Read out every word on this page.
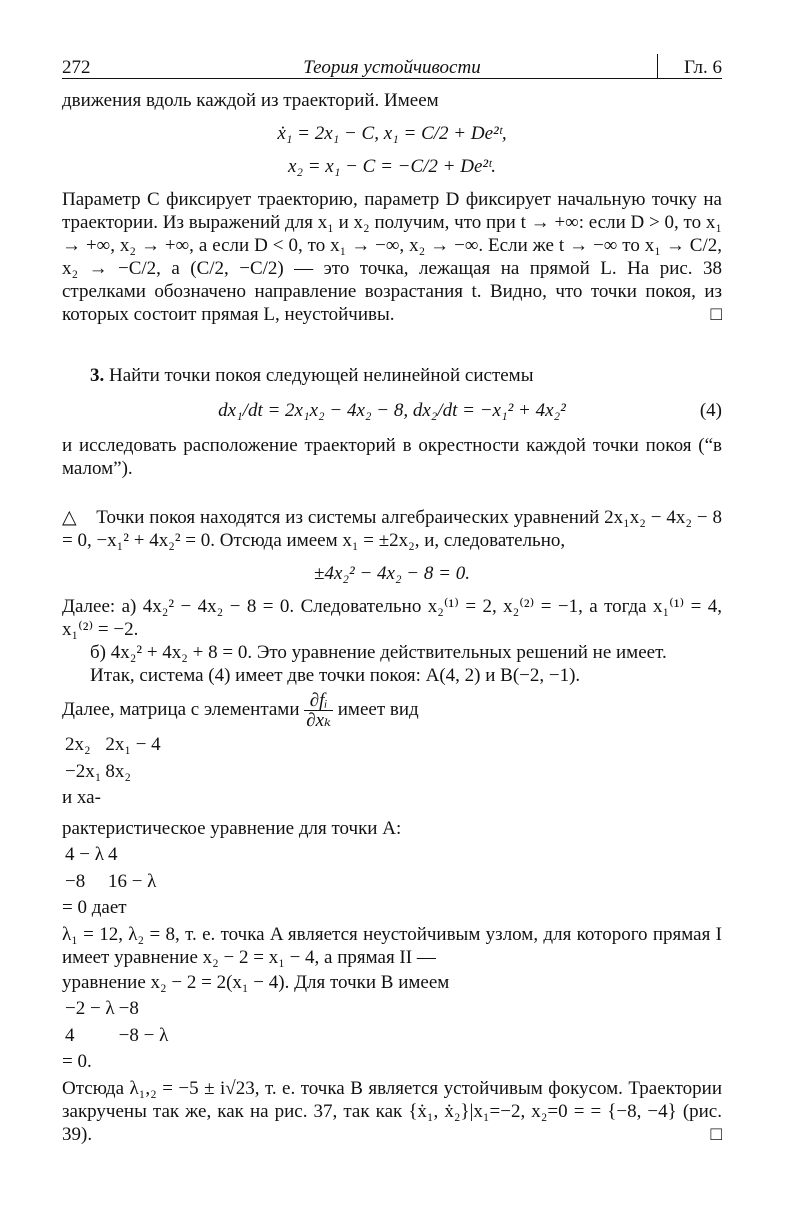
272	Теория устойчивости	Гл. 6

движения вдоль каждой из траекторий. Имеем

ẋ₁ = 2x₁ − C, x₁ = C/2 + De²ᵗ,
x₂ = x₁ − C = −C/2 + De²ᵗ.

Параметр C фиксирует траекторию, параметр D фиксирует начальную точку на траектории. Из выражений для x₁ и x₂ получим, что при t → +∞: если D > 0, то x₁ → +∞, x₂ → +∞, а если D < 0, то x₁ → −∞, x₂ → −∞. Если же t → −∞ то x₁ → C/2, x₂ → −C/2, а (C/2, −C/2) — это точка, лежащая на прямой L. На рис. 38 стрелками обозначено направление возрастания t. Видно, что точки покоя, из которых состоит прямая L, неустойчивы.	□

3. Найти точки покоя следующей нелинейной системы

dx₁/dt = 2x₁x₂ − 4x₂ − 8, dx₂/dt = −x₁² + 4x₂²	(4)

и исследовать расположение траекторий в окрестности каждой точки покоя (“в малом”).

△ Точки покоя находятся из системы алгебраических уравнений 2x₁x₂ − 4x₂ − 8 = 0, −x₁² + 4x₂² = 0. Отсюда имеем x₁ = ±2x₂, и, следовательно,

±4x₂² − 4x₂ − 8 = 0.

Далее: а) 4x₂² − 4x₂ − 8 = 0. Следовательно x₂⁽¹⁾ = 2, x₂⁽²⁾ = −1, а тогда x₁⁽¹⁾ = 4, x₁⁽²⁾ = −2.

б) 4x₂² + 4x₂ + 8 = 0. Это уравнение действительных решений не имеет.

Итак, система (4) имеет две точки покоя: A(4, 2) и B(−2, −1).

Далее, матрица с элементами $\frac{\text{∂fᵢ}}{\text{∂xₖ}}$ имеет вид

2x₂	2x₁ − 4
−2x₁	8x₂
и ха-

рактеристическое уравнение для точки A:

4 − λ	4
−8	16 − λ
= 0 дает

λ₁ = 12, λ₂ = 8, т. е. точка A является неустойчивым узлом, для которого прямая I имеет уравнение x₂ − 2 = x₁ − 4, а прямая II —

уравнение x₂ − 2 = 2(x₁ − 4). Для точки B имеем

−2 − λ	−8
4	−8 − λ
= 0.

Отсюда λ₁,₂ = −5 ± i√23, т. е. точка B является устойчивым фокусом. Траектории закручены так же, как на рис. 37, так как {ẋ₁, ẋ₂}|x₁=−2, x₂=0 = = {−8, −4} (рис. 39).	□
